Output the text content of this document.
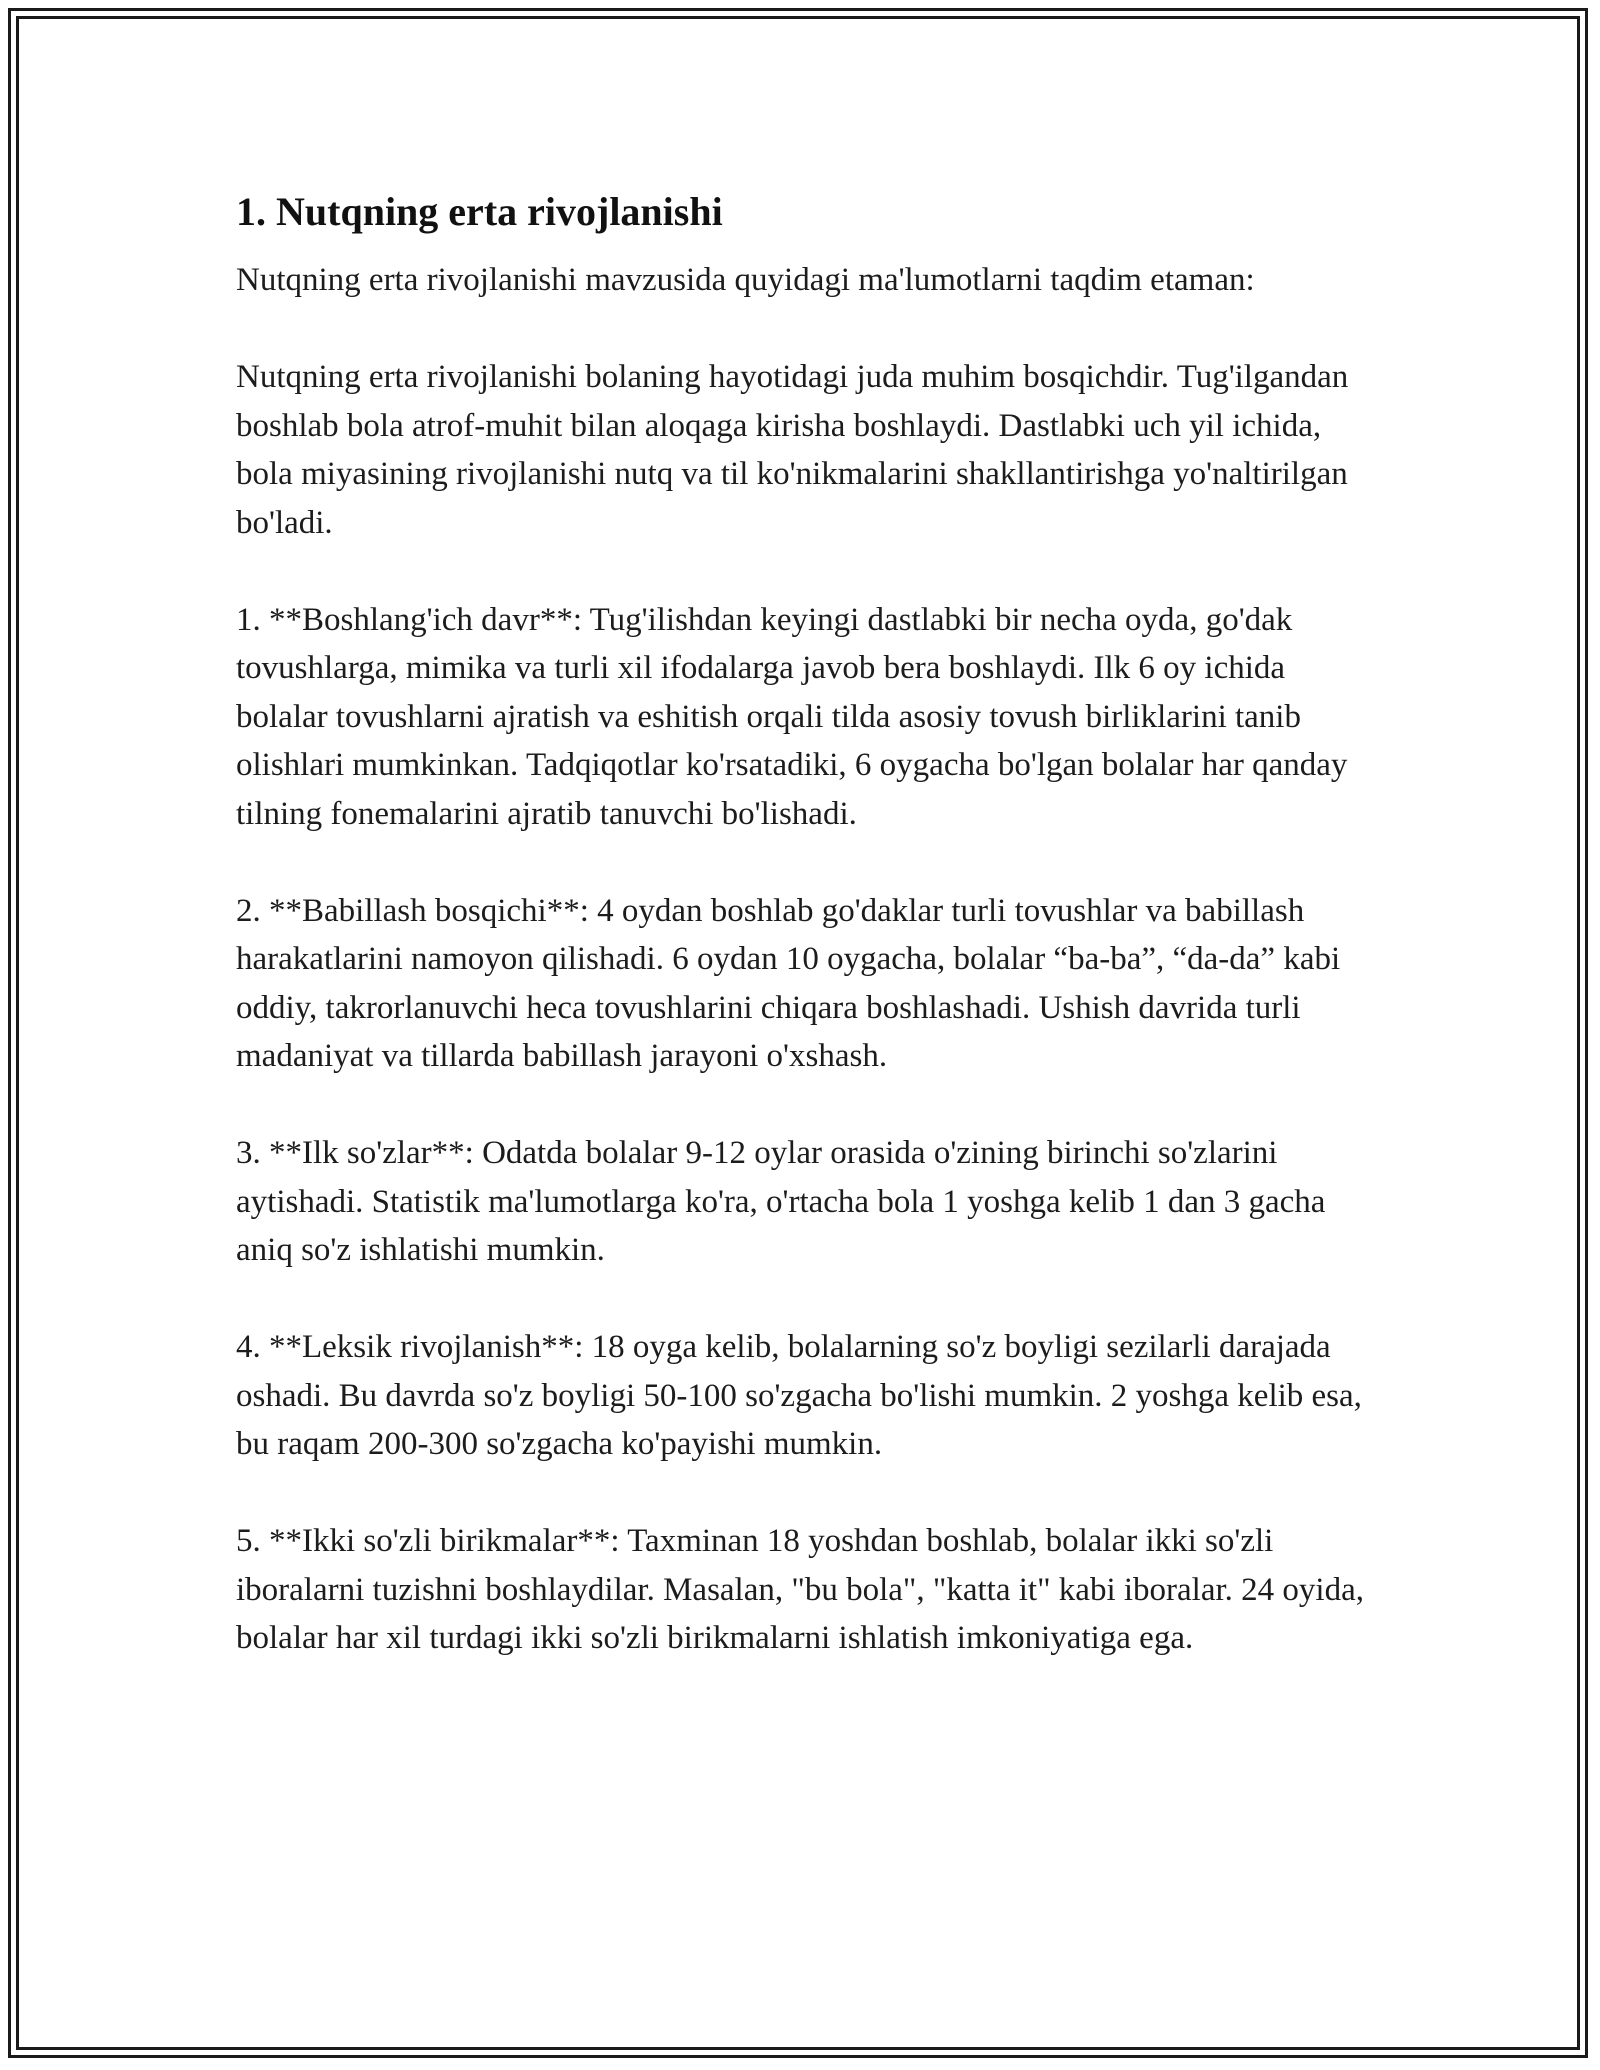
1. Nutqning erta rivojlanishi

Nutqning erta rivojlanishi mavzusida quyidagi ma'lumotlarni taqdim etaman:

Nutqning erta rivojlanishi bolaning hayotidagi juda muhim bosqichdir. Tug'ilgandan boshlab bola atrof-muhit bilan aloqaga kirisha boshlaydi. Dastlabki uch yil ichida, bola miyasining rivojlanishi nutq va til ko'nikmalarini shakllantirishga yo'naltirilgan bo'ladi.

1. **Boshlang'ich davr**: Tug'ilishdan keyingi dastlabki bir necha oyda, go'dak tovushlarga, mimika va turli xil ifodalarga javob bera boshlaydi. Ilk 6 oy ichida bolalar tovushlarni ajratish va eshitish orqali tilda asosiy tovush birliklarini tanib olishlari mumkinkan. Tadqiqotlar ko'rsatadiki, 6 oygacha bo'lgan bolalar har qanday tilning fonemalarini ajratib tanuvchi bo'lishadi.

2. **Babillash bosqichi**: 4 oydan boshlab go'daklar turli tovushlar va babillash harakatlarini namoyon qilishadi. 6 oydan 10 oygacha, bolalar “ba-ba”, “da-da” kabi oddiy, takrorlanuvchi heca tovushlarini chiqara boshlashadi. Ushish davrida turli madaniyat va tillarda babillash jarayoni o'xshash.

3. **Ilk so'zlar**: Odatda bolalar 9-12 oylar orasida o'zining birinchi so'zlarini aytishadi. Statistik ma'lumotlarga ko'ra, o'rtacha bola 1 yoshga kelib 1 dan 3 gacha aniq so'z ishlatishi mumkin.

4. **Leksik rivojlanish**: 18 oyga kelib, bolalarning so'z boyligi sezilarli darajada oshadi. Bu davrda so'z boyligi 50-100 so'zgacha bo'lishi mumkin. 2 yoshga kelib esa, bu raqam 200-300 so'zgacha ko'payishi mumkin.

5. **Ikki so'zli birikmalar**: Taxminan 18 yoshdan boshlab, bolalar ikki so'zli iboralarni tuzishni boshlaydilar. Masalan, "bu bola", "katta it" kabi iboralar. 24 oyida, bolalar har xil turdagi ikki so'zli birikmalarni ishlatish imkoniyatiga ega.
